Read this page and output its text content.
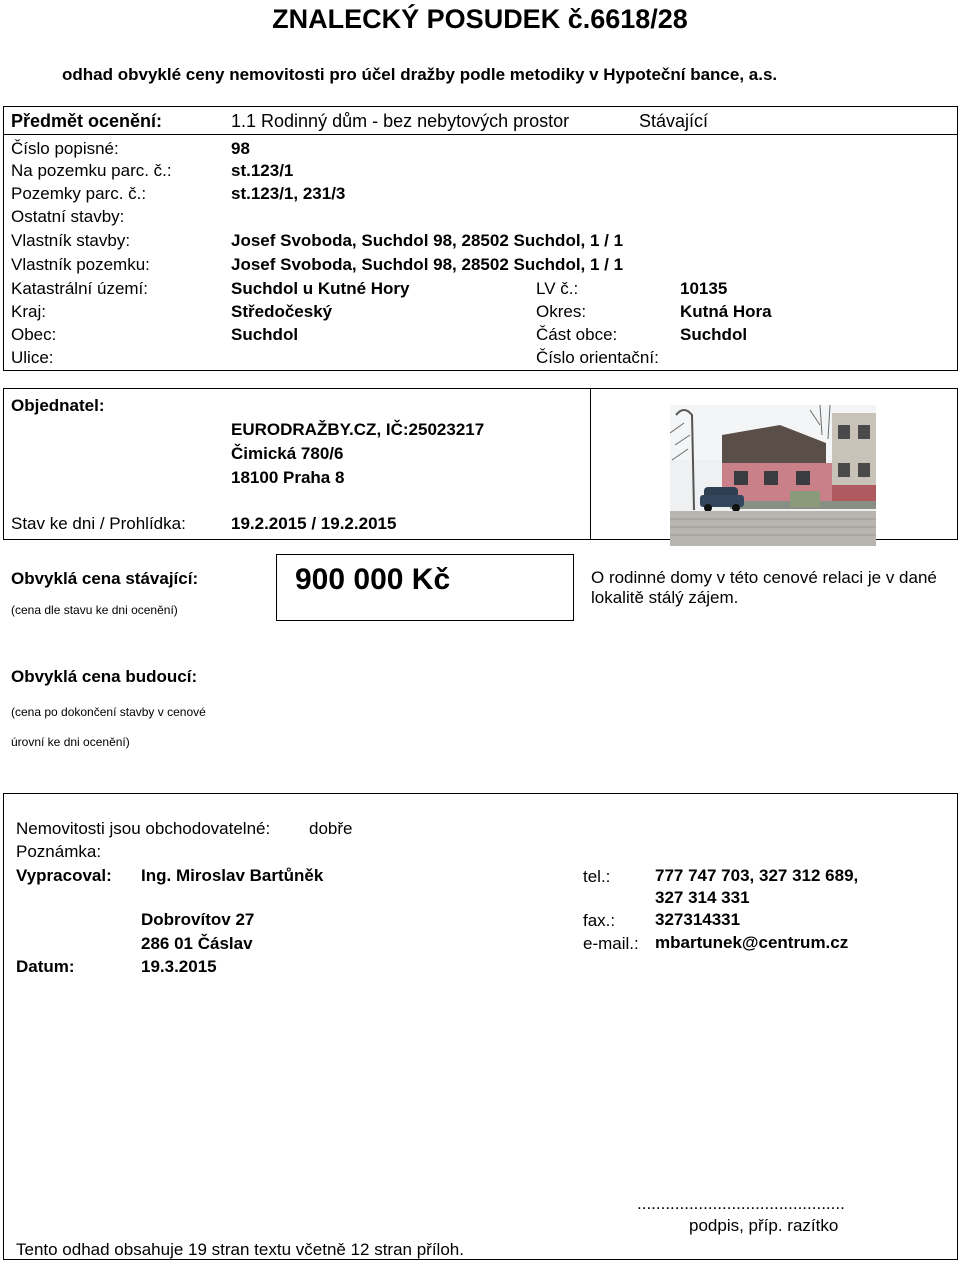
ZNALECKÝ POSUDEK č.6618/28
odhad obvyklé ceny nemovitosti pro účel dražby podle metodiky v Hypoteční bance, a.s.
Předmět ocenění:	1.1 Rodinný dům - bez nebytových prostor	Stávající
Číslo popisné:	98
Na pozemku parc. č.:	st.123/1
Pozemky parc. č.:	st.123/1, 231/3
Ostatní stavby:
Vlastník stavby:	Josef Svoboda, Suchdol 98, 28502 Suchdol, 1 / 1
Vlastník pozemku:	Josef Svoboda, Suchdol 98, 28502 Suchdol, 1 / 1
Katastrální území:	Suchdol u Kutné Hory	LV č.:	10135
Kraj:	Středočeský	Okres:	Kutná Hora
Obec:	Suchdol	Část obce:	Suchdol
Ulice:	Číslo orientační:
Objednatel:
EURODRAŽBY.CZ, IČ:25023217
Čimická 780/6
18100 Praha 8
Stav ke dni / Prohlídka:	19.2.2015 / 19.2.2015
Obvyklá cena stávající:
(cena dle stavu ke dni ocenění)
900 000 Kč	O rodinné domy v této cenové relaci je v dané
lokalitě stálý zájem.
Obvyklá cena budoucí:
(cena po dokončení stavby v cenové
úrovní ke dni ocenění)
Nemovitosti jsou obchodovatelné: dobře
Poznámka:
Vypracoval: Ing. Miroslav Bartůněk
Dobrovítov 27
286 01 Čáslav
Datum:	19.3.2015
tel.:	777 747 703, 327 312 689,
327 314 331
fax.: 327314331
e-mail.: mbartunek@centrum.cz
............................................
podpis, příp. razítko
Tento odhad obsahuje 19 stran textu včetně 12 stran příloh.
